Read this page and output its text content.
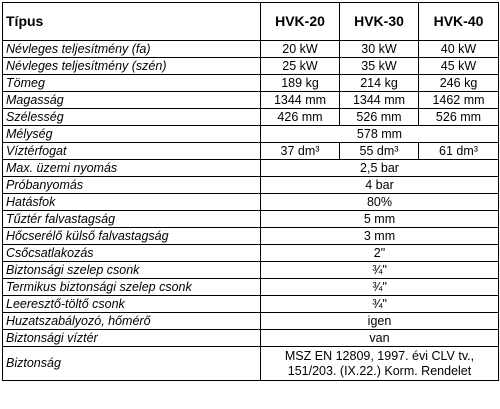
Típus	HVK-20	HVK-30	HVK-40
Névleges teljesítmény (fa)	20 kW	30 kW	40 kW
Névleges teljesítmény (szén)	25 kW	35 kW	45 kW
Tömeg	189 kg	214 kg	246 kg
Magasság	1344 mm	1344 mm	1462 mm
Szélesség	426 mm	526 mm	526 mm
Mélység	578 mm		
Víztérfogat	37 dm³	55 dm³	61 dm³
Max. üzemi nyomás	2,5 bar		
Próbanyomás	4 bar		
Hatásfok	80%		
Tűztér falvastagság	5 mm		
Hőcserélő külső falvastagság	3 mm		
Csőcsatlakozás	2"		
Biztonsági szelep csonk	¾"		
Termikus biztonsági szelep csonk	¾"		
Leeresztő-töltő csonk	¾"		
Huzatszabályozó, hőmérő	igen		
Biztonsági víztér	van		
Biztonság	MSZ EN 12809, 1997. évi CLV tv.,
151/203. (IX.22.) Korm. Rendelet		
